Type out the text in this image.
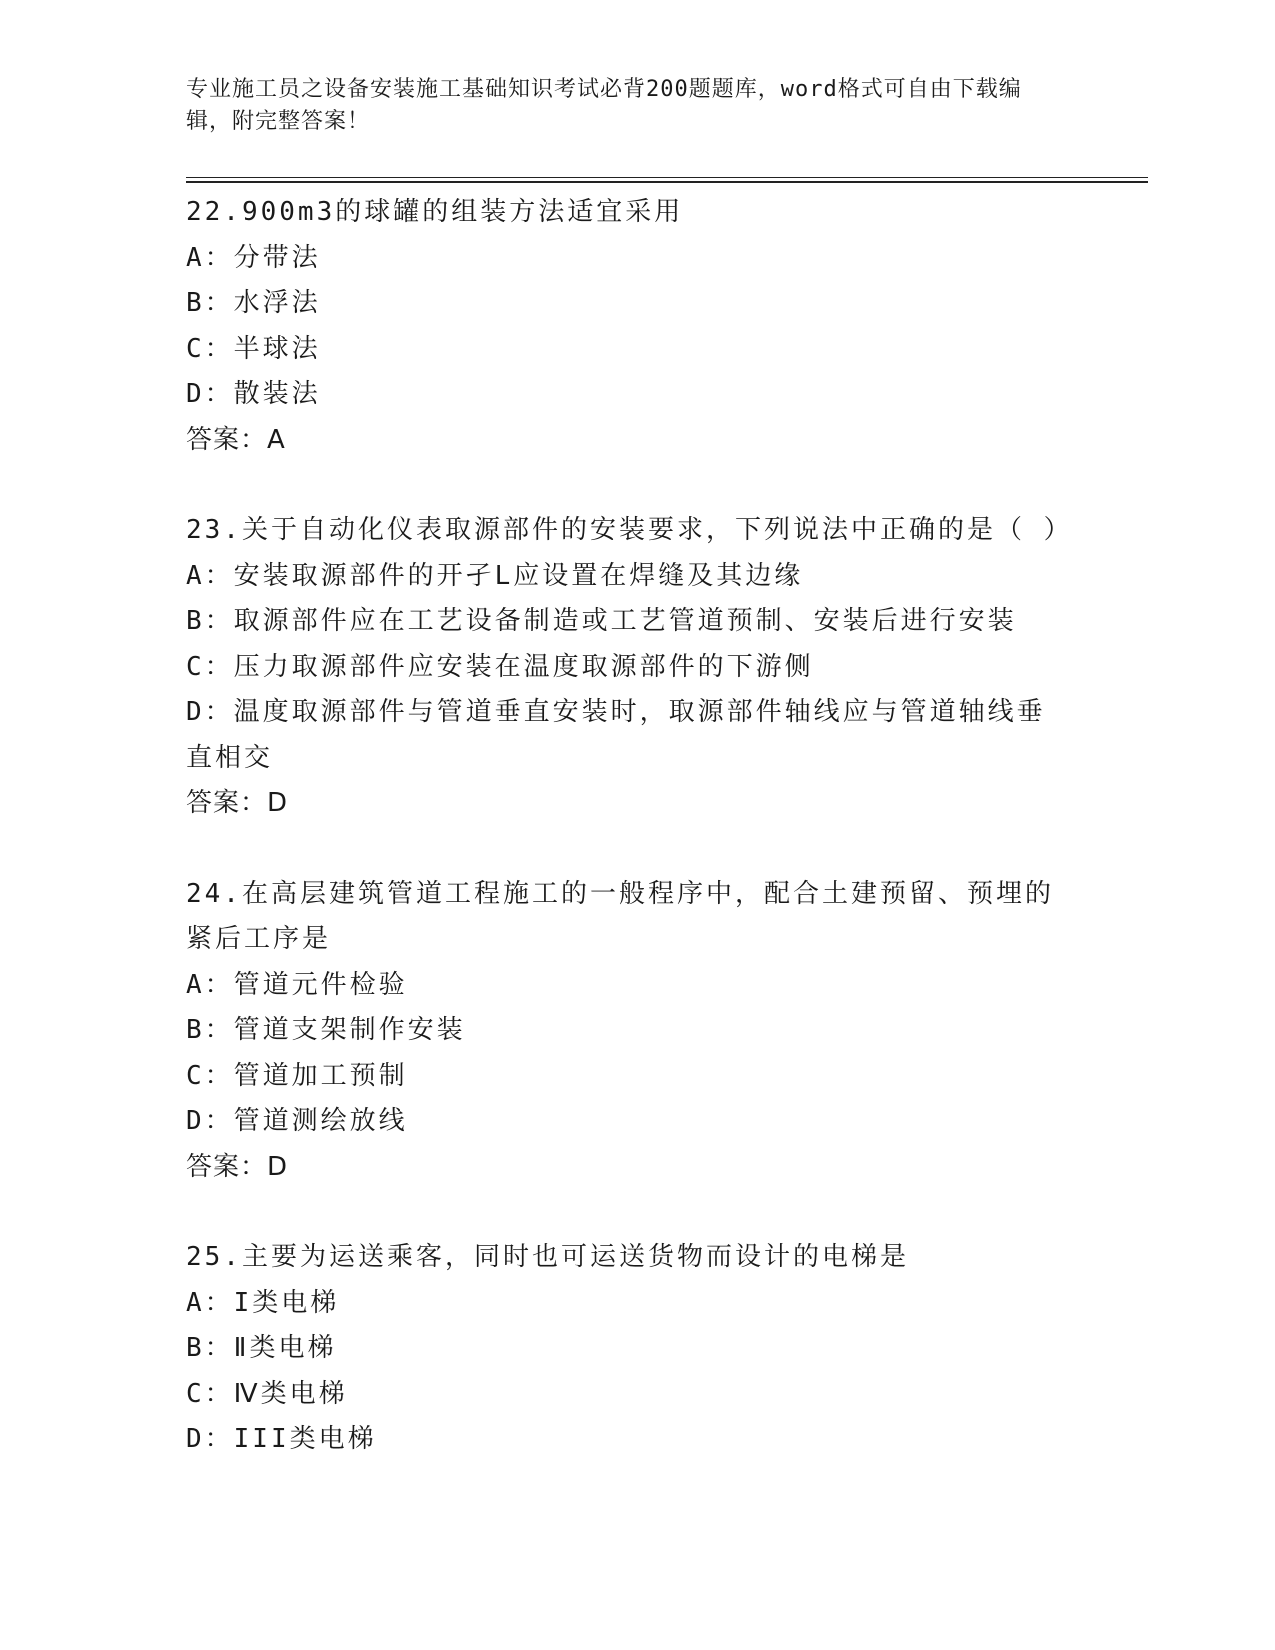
专业施工员之设备安装施工基础知识考试必背200题题库，word格式可自由下载编辑，附完整答案！
22.900m3的球罐的组装方法适宜采用
A：分带法
B：水浮法
C：半球法
D：散装法
答案：A
23.关于自动化仪表取源部件的安装要求，下列说法中正确的是（ ）
A：安装取源部件的开孑L应设置在焊缝及其边缘
B：取源部件应在工艺设备制造或工艺管道预制、安装后进行安装
C：压力取源部件应安装在温度取源部件的下游侧
D：温度取源部件与管道垂直安装时，取源部件轴线应与管道轴线垂直相交
答案：D
24.在高层建筑管道工程施工的一般程序中，配合土建预留、预埋的紧后工序是
A：管道元件检验
B：管道支架制作安装
C：管道加工预制
D：管道测绘放线
答案：D
25.主要为运送乘客，同时也可运送货物而设计的电梯是
A：I类电梯
B：Ⅱ类电梯
C：Ⅳ类电梯
D：III类电梯
